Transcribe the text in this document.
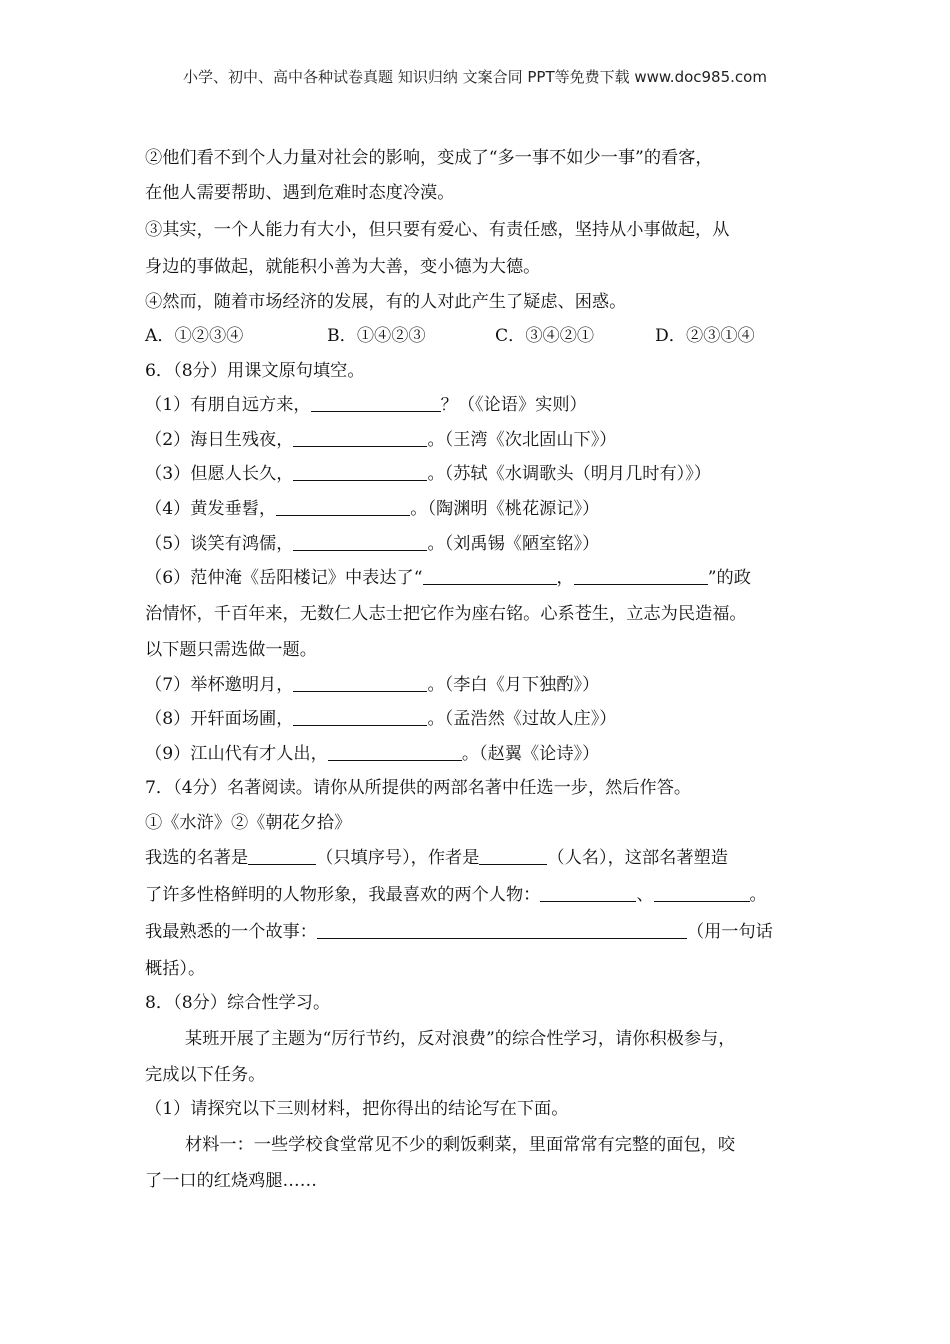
小学、初中、高中各种试卷真题 知识归纳 文案合同 PPT等免费下载 www.doc985.com
②他们看不到个人力量对社会的影响，变成了“多一事不如少一事”的看客，
在他人需要帮助、遇到危难时态度冷漠。
③其实，一个人能力有大小，但只要有爱心、有责任感，坚持从小事做起，从
身边的事做起，就能积小善为大善，变小德为大德。
④然而，随着市场经济的发展，有的人对此产生了疑虑、困惑。
A．①②③④	B．①④②③	C．③④②①	D．②③①④
6．（8分）用课文原句填空。
（1）有朋自远方来，	？（《论语》实则）
（2）海日生残夜，	。（王湾《次北固山下》）
（3）但愿人长久，	。（苏轼《水调歌头（明月几时有）》）
（4）黄发垂髫，	。（陶渊明《桃花源记》）
（5）谈笑有鸿儒，	。（刘禹锡《陋室铭》）
（6）范仲淹《岳阳楼记》中表达了“	，	”的政
治情怀，千百年来，无数仁人志士把它作为座右铭。心系苍生，立志为民造福。
以下题只需选做一题。
（7）举杯邀明月，	。（李白《月下独酌》）
（8）开轩面场圃，	。（孟浩然《过故人庄》）
（9）江山代有才人出，	。（赵翼《论诗》）
7．（4分）名著阅读。请你从所提供的两部名著中任选一步，然后作答。
①《水浒》②《朝花夕拾》
我选的名著是	（只填序号），作者是	（人名），这部名著塑造
了许多性格鲜明的人物形象，我最喜欢的两个人物：	、	。
我最熟悉的一个故事：	（用一句话
概括）。
8．（8分）综合性学习。
某班开展了主题为“厉行节约，反对浪费”的综合性学习，请你积极参与，
完成以下任务。
（1）请探究以下三则材料，把你得出的结论写在下面。
材料一：一些学校食堂常见不少的剩饭剩菜，里面常常有完整的面包，咬
了一口的红烧鸡腿……
